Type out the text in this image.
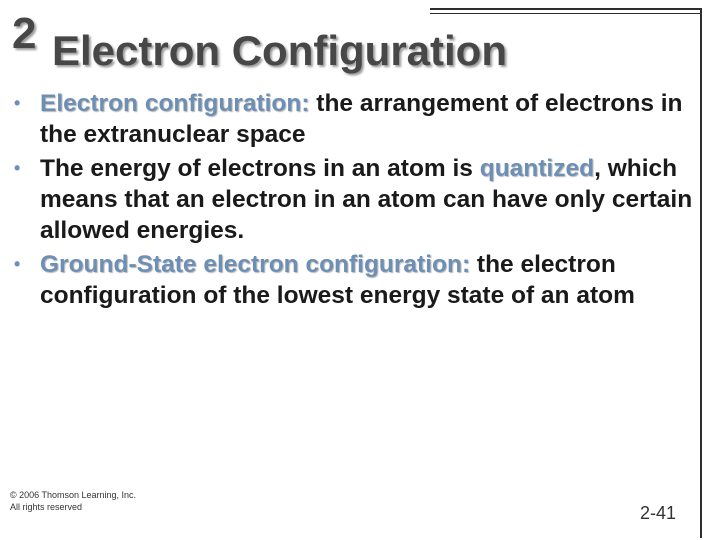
2 Electron Configuration
• Electron configuration: the arrangement of electrons in the extranuclear space
• The energy of electrons in an atom is quantized, which means that an electron in an atom can have only certain allowed energies.
• Ground-State electron configuration: the electron configuration of the lowest energy state of an atom
© 2006 Thomson Learning, Inc.
All rights reserved	2-41
